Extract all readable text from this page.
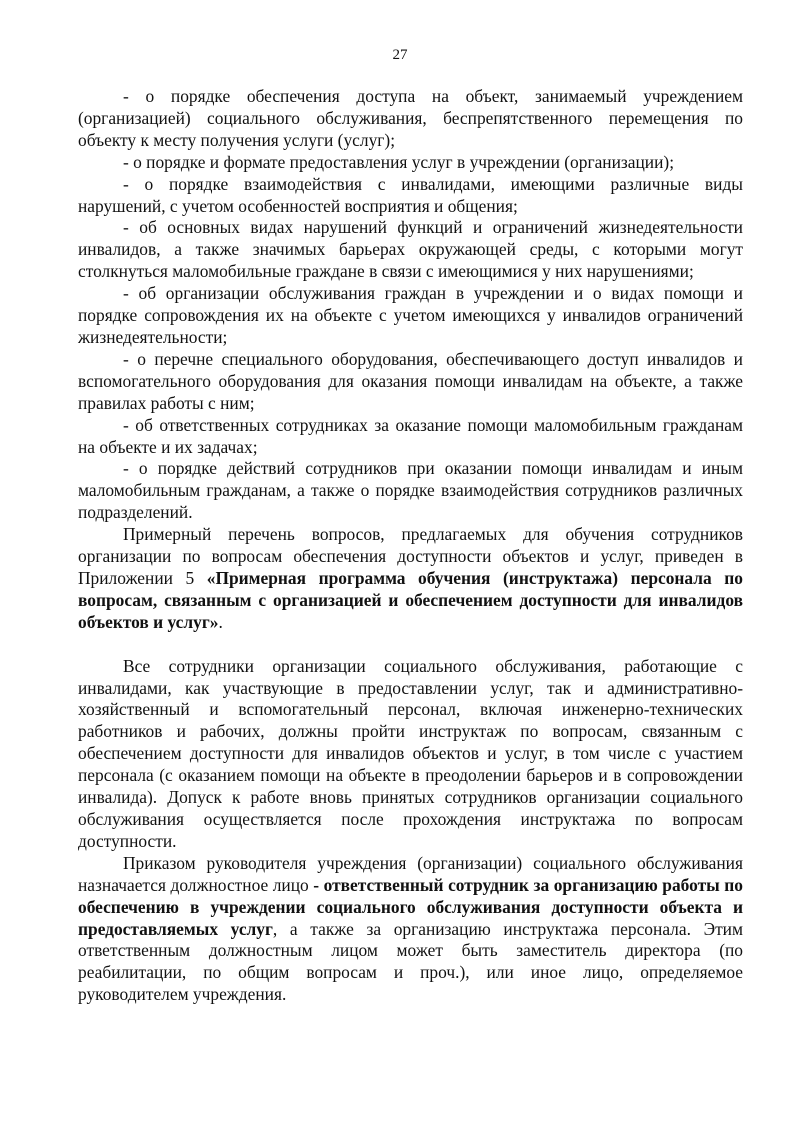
27

- о порядке обеспечения доступа на объект, занимаемый учреждением (организацией) социального обслуживания, беспрепятственного перемещения по объекту к месту получения услуги (услуг);

- о порядке и формате предоставления услуг в учреждении (организации);

- о порядке взаимодействия с инвалидами, имеющими различные виды нарушений, с учетом особенностей восприятия и общения;

- об основных видах нарушений функций и ограничений жизнедеятельности инвалидов, а также значимых барьерах окружающей среды, с которыми могут столкнуться маломобильные граждане в связи с имеющимися у них нарушениями;

- об организации обслуживания граждан в учреждении и о видах помощи и порядке сопровождения их на объекте с учетом имеющихся у инвалидов ограничений жизнедеятельности;

- о перечне специального оборудования, обеспечивающего доступ инвалидов и вспомогательного оборудования для оказания помощи инвалидам на объекте, а также правилах работы с ним;

- об ответственных сотрудниках за оказание помощи маломобильным гражданам на объекте и их задачах;

- о порядке действий сотрудников при оказании помощи инвалидам и иным маломобильным гражданам, а также о порядке взаимодействия сотрудников различных подразделений.

Примерный перечень вопросов, предлагаемых для обучения сотрудников организации по вопросам обеспечения доступности объектов и услуг, приведен в Приложении 5 «Примерная программа обучения (инструктажа) персонала по вопросам, связанным с организацией и обеспечением доступности для инвалидов объектов и услуг».

Все сотрудники организации социального обслуживания, работающие с инвалидами, как участвующие в предоставлении услуг, так и административно-хозяйственный и вспомогательный персонал, включая инженерно-технических работников и рабочих, должны пройти инструктаж по вопросам, связанным с обеспечением доступности для инвалидов объектов и услуг, в том числе с участием персонала (с оказанием помощи на объекте в преодолении барьеров и в сопровождении инвалида). Допуск к работе вновь принятых сотрудников организации социального обслуживания осуществляется после прохождения инструктажа по вопросам доступности.

Приказом руководителя учреждения (организации) социального обслуживания назначается должностное лицо - ответственный сотрудник за организацию работы по обеспечению в учреждении социального обслуживания доступности объекта и предоставляемых услуг, а также за организацию инструктажа персонала. Этим ответственным должностным лицом может быть заместитель директора (по реабилитации, по общим вопросам и проч.), или иное лицо, определяемое руководителем учреждения.
